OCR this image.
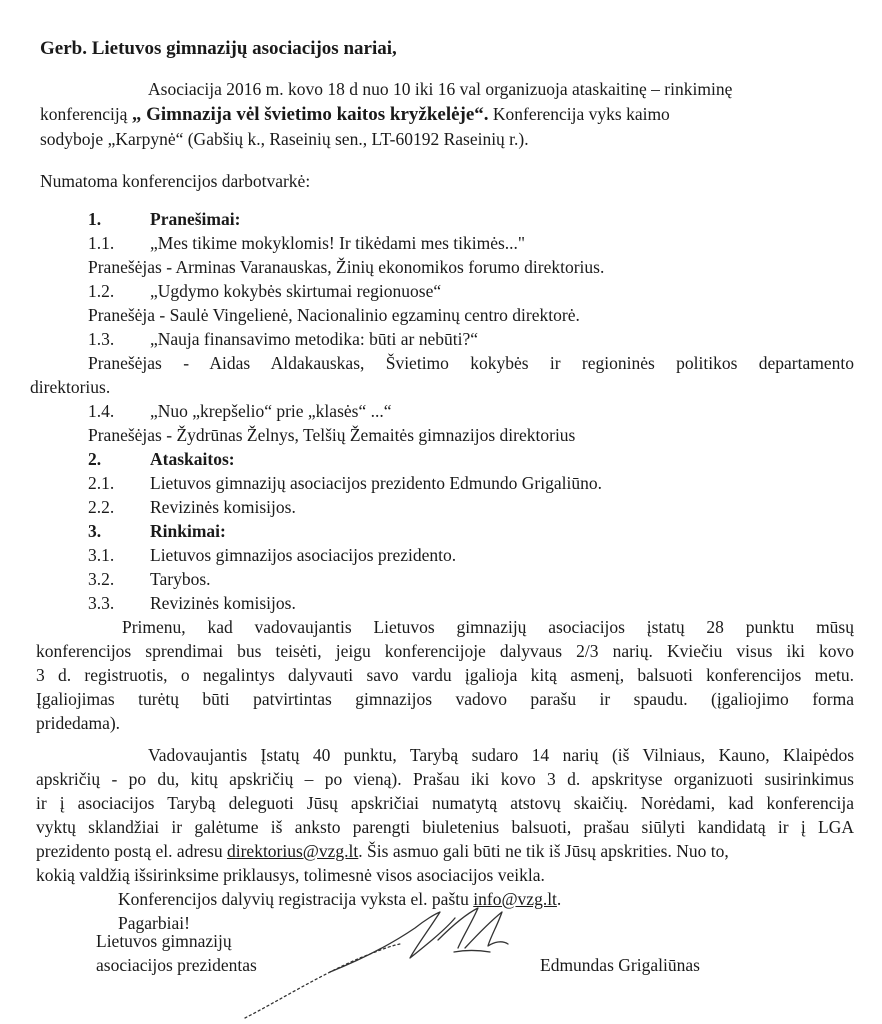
Gerb. Lietuvos gimnazijų asociacijos nariai,
Asociacija 2016 m. kovo 18 d nuo 10 iki 16 val organizuoja ataskaitinę – rinkiminę
konferenciją „ Gimnazija vėl švietimo kaitos kryžkelėje“. Konferencija vyks kaimo
sodyboje „Karpynė“ (Gabšių k., Raseinių sen., LT-60192 Raseinių r.).
Numatoma konferencijos darbotvarkė:
1.	Pranešimai:
1.1. „Mes tikime mokyklomis! Ir tikėdami mes tikimės..."
Pranešėjas - Arminas Varanauskas, Žinių ekonomikos forumo direktorius.
1.2. „Ugdymo kokybės skirtumai regionuose“
Pranešėja - Saulė Vingelienė, Nacionalinio egzaminų centro direktorė.
1.3. „Nauja finansavimo metodika: būti ar nebūti?“
Pranešėjas - Aidas Aldakauskas, Švietimo kokybės ir regioninės politikos departamento
direktorius.
1.4. „Nuo „krepšelio“ prie „klasės“ ...“
Pranešėjas - Žydrūnas Želnys, Telšių Žemaitės gimnazijos direktorius
2.	Ataskaitos:
2.1. Lietuvos gimnazijų asociacijos prezidento Edmundo Grigaliūno.
2.2. Revizinės komisijos.
3.	Rinkimai:
3.1. Lietuvos gimnazijos asociacijos prezidento.
3.2. Tarybos.
3.3. Revizinės komisijos.
Primenu, kad vadovaujantis Lietuvos gimnazijų asociacijos įstatų 28 punktu mūsų
konferencijos sprendimai bus teisėti, jeigu konferencijoje dalyvaus 2/3 narių. Kviečiu visus iki kovo
3 d. registruotis, o negalintys dalyvauti savo vardu įgalioja kitą asmenį, balsuoti konferencijos metu.
Įgaliojimas turėtų būti patvirtintas gimnazijos vadovo parašu ir spaudu. (įgaliojimo forma
pridedama).
Vadovaujantis Įstatų 40 punktu, Tarybą sudaro 14 narių (iš Vilniaus, Kauno, Klaipėdos
apskričių - po du, kitų apskričių – po vieną). Prašau iki kovo 3 d. apskrityse organizuoti susirinkimus
ir į asociacijos Tarybą deleguoti Jūsų apskričiai numatytą atstovų skaičių. Norėdami, kad konferencija
vyktų sklandžiai ir galėtume iš anksto parengti biuletenius balsuoti, prašau siūlyti kandidatą ir į LGA
prezidento postą el. adresu direktorius@vzg.lt. Šis asmuo gali būti ne tik iš Jūsų apskrities. Nuo to,
kokią valdžią išsirinksime priklausys, tolimesnė visos asociacijos veikla.
Konferencijos dalyvių registracija vyksta el. paštu info@vzg.lt.
Pagarbiai!
Lietuvos gimnazijų
asociacijos prezidentas	Edmundas Grigaliūnas
